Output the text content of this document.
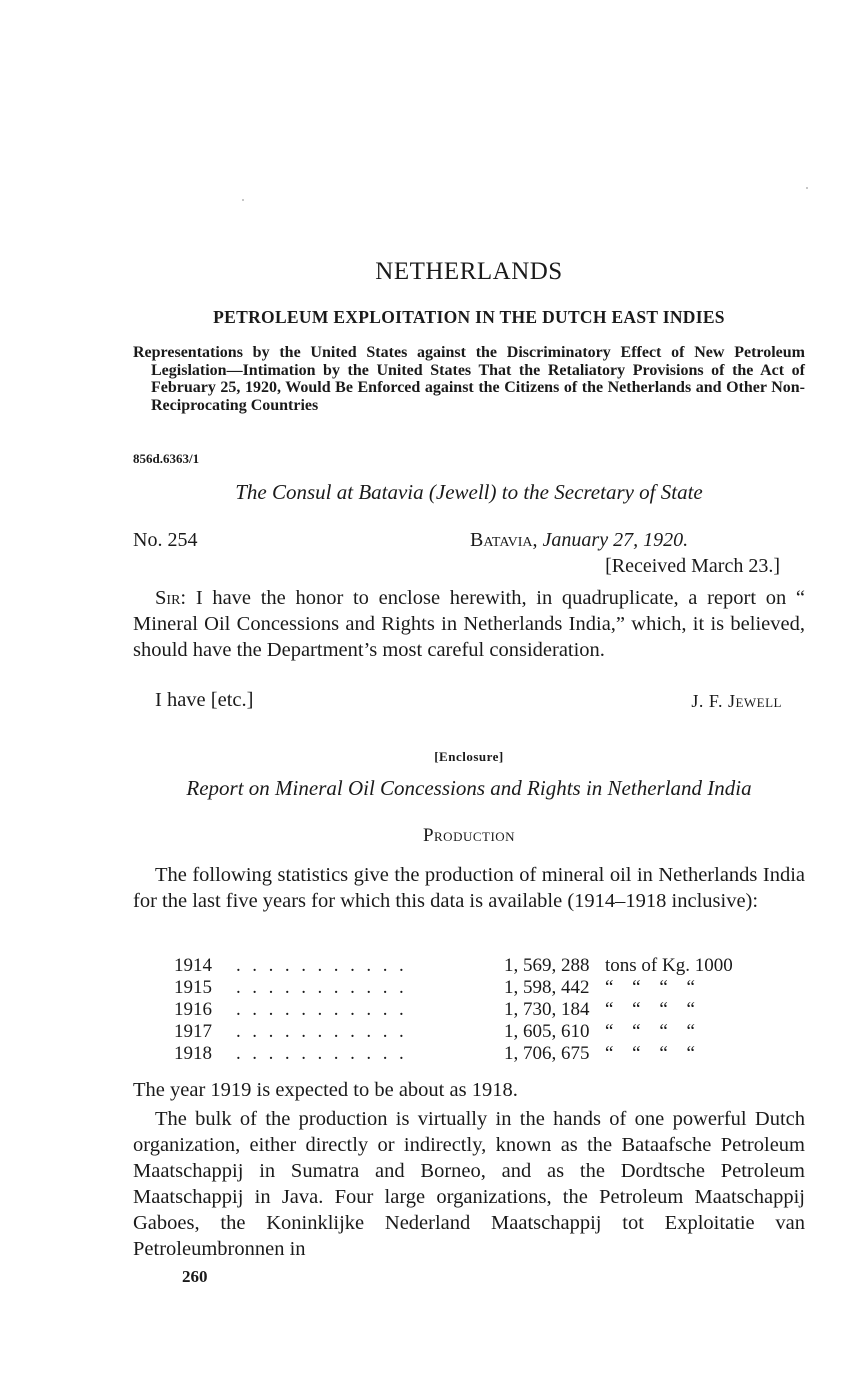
NETHERLANDS
PETROLEUM EXPLOITATION IN THE DUTCH EAST INDIES
Representations by the United States against the Discriminatory Effect of New Petroleum Legislation—Intimation by the United States That the Retaliatory Provisions of the Act of February 25, 1920, Would Be Enforced against the Citizens of the Netherlands and Other Non-Reciprocating Countries
856d.6363/1
The Consul at Batavia (Jewell) to the Secretary of State
No. 254	Batavia, January 27, 1920.
[Received March 23.]
Sir: I have the honor to enclose herewith, in quadruplicate, a report on “ Mineral Oil Concessions and Rights in Netherlands India,” which, it is believed, should have the Department’s most careful consideration.
I have [etc.]	J. F. Jewell
[Enclosure]
Report on Mineral Oil Concessions and Rights in Netherland India
Production
The following statistics give the production of mineral oil in Netherlands India for the last five years for which this data is available (1914–1918 inclusive):
1914 . . . . . . . . . . .	1, 569, 288 tons of Kg. 1000
1915 . . . . . . . . . . .	1, 598, 442 “ “ “ “
1916 . . . . . . . . . . .	1, 730, 184 “ “ “ “
1917 . . . . . . . . . . .	1, 605, 610 “ “ “ “
1918 . . . . . . . . . . .	1, 706, 675 “ “ “ “
The year 1919 is expected to be about as 1918.
The bulk of the production is virtually in the hands of one powerful Dutch organization, either directly or indirectly, known as the Bataafsche Petroleum Maatschappij in Sumatra and Borneo, and as the Dordtsche Petroleum Maatschappij in Java. Four large organizations, the Petroleum Maatschappij Gaboes, the Koninklijke Nederland Maatschappij tot Exploitatie van Petroleumbronnen in
260
